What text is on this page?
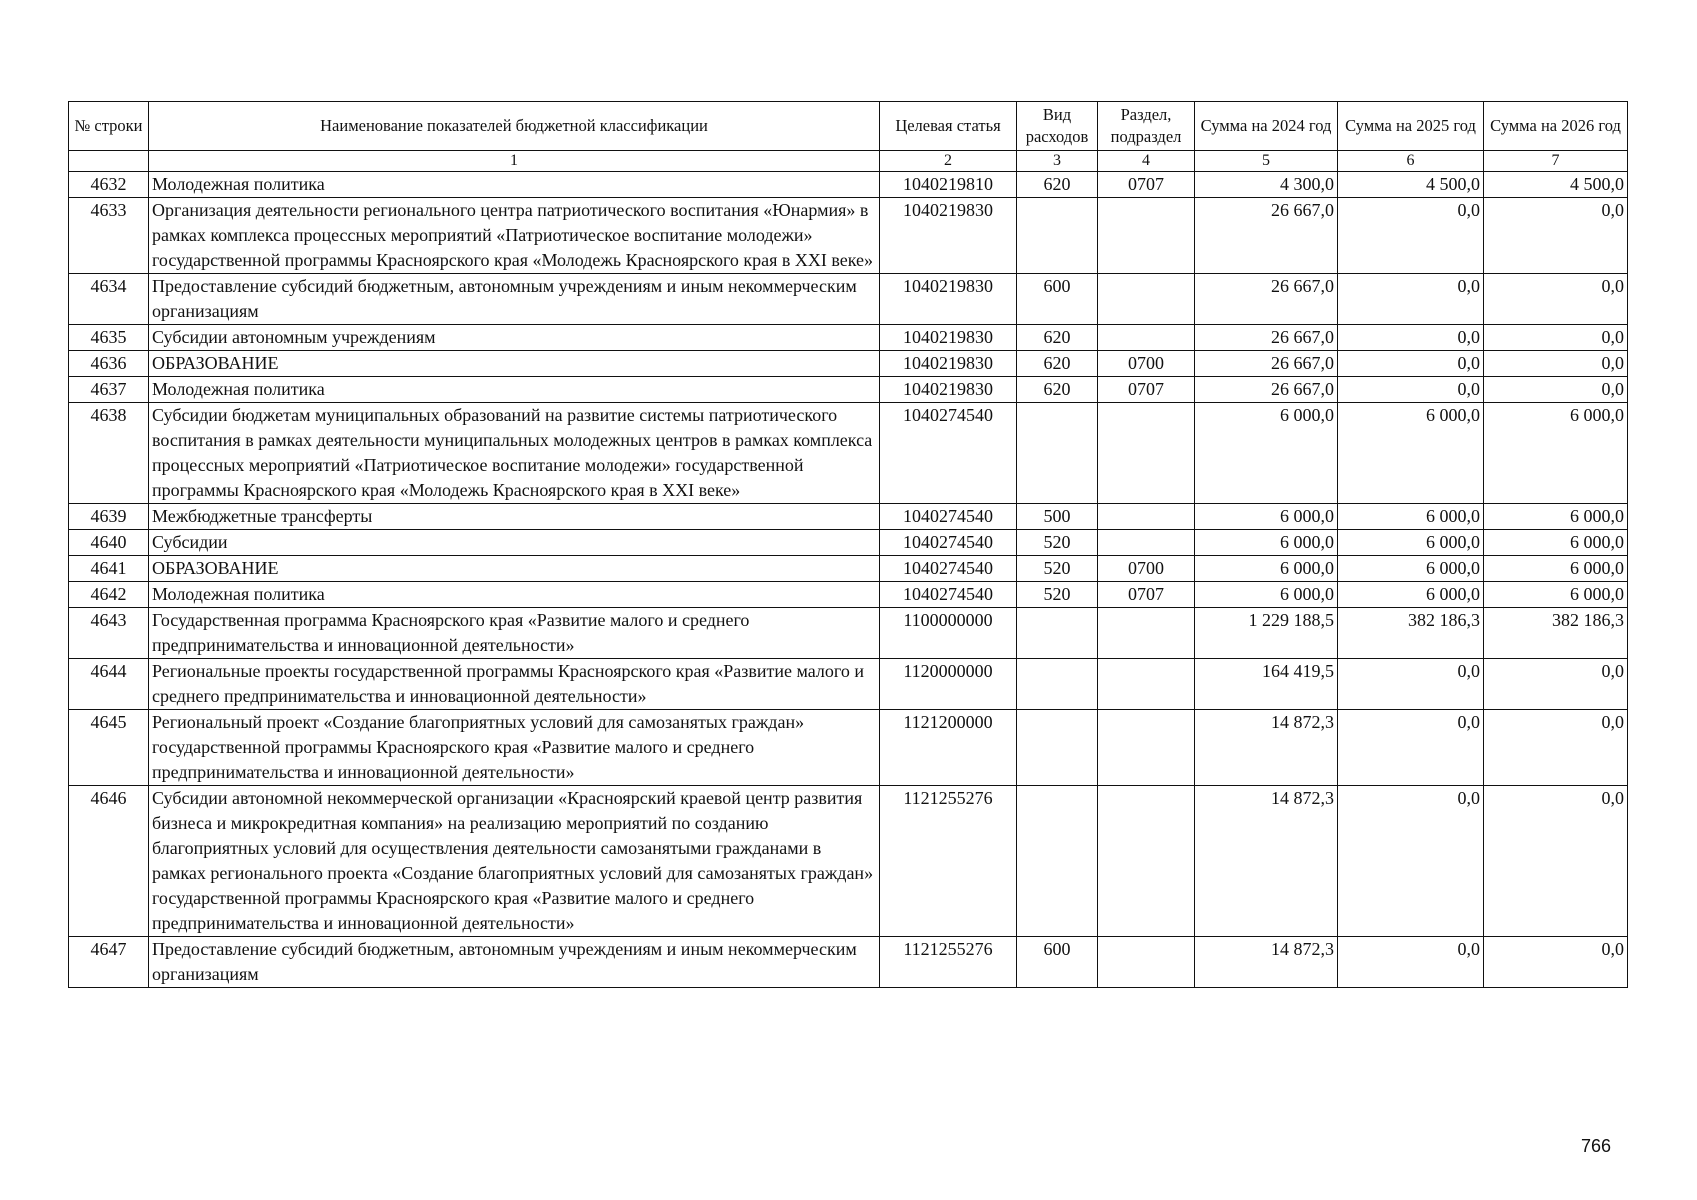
№ строки	Наименование показателей бюджетной классификации	Целевая статья	Вид расходов	Раздел, подраздел	Сумма на 2024 год	Сумма на 2025 год	Сумма на 2026 год
	1	2	3	4	5	6	7
4632	Молодежная политика	1040219810	620	0707	4 300,0	4 500,0	4 500,0
4633	Организация деятельности регионального центра патриотического воспитания «Юнармия» в рамках комплекса процессных мероприятий «Патриотическое воспитание молодежи» государственной программы Красноярского края «Молодежь Красноярского края в XXI веке»	1040219830			26 667,0	0,0	0,0
4634	Предоставление субсидий бюджетным, автономным учреждениям и иным некоммерческим организациям	1040219830	600		26 667,0	0,0	0,0
4635	Субсидии автономным учреждениям	1040219830	620		26 667,0	0,0	0,0
4636	ОБРАЗОВАНИЕ	1040219830	620	0700	26 667,0	0,0	0,0
4637	Молодежная политика	1040219830	620	0707	26 667,0	0,0	0,0
4638	Субсидии бюджетам муниципальных образований на развитие системы патриотического воспитания в рамках деятельности муниципальных молодежных центров в рамках комплекса процессных мероприятий «Патриотическое воспитание молодежи» государственной программы Красноярского края «Молодежь Красноярского края в XXI веке»	1040274540			6 000,0	6 000,0	6 000,0
4639	Межбюджетные трансферты	1040274540	500		6 000,0	6 000,0	6 000,0
4640	Субсидии	1040274540	520		6 000,0	6 000,0	6 000,0
4641	ОБРАЗОВАНИЕ	1040274540	520	0700	6 000,0	6 000,0	6 000,0
4642	Молодежная политика	1040274540	520	0707	6 000,0	6 000,0	6 000,0
4643	Государственная программа Красноярского края «Развитие малого и среднего предпринимательства и инновационной деятельности»	1100000000			1 229 188,5	382 186,3	382 186,3
4644	Региональные проекты государственной программы Красноярского края «Развитие малого и среднего предпринимательства и инновационной деятельности»	1120000000			164 419,5	0,0	0,0
4645	Региональный проект «Создание благоприятных условий для самозанятых граждан» государственной программы Красноярского края «Развитие малого и среднего предпринимательства и инновационной деятельности»	1121200000			14 872,3	0,0	0,0
4646	Субсидии автономной некоммерческой организации «Красноярский краевой центр развития бизнеса и микрокредитная компания» на реализацию мероприятий по созданию благоприятных условий для осуществления деятельности самозанятыми гражданами в рамках регионального проекта «Создание благоприятных условий для самозанятых граждан» государственной программы Красноярского края «Развитие малого и среднего предпринимательства и инновационной деятельности»	1121255276			14 872,3	0,0	0,0
4647	Предоставление субсидий бюджетным, автономным учреждениям и иным некоммерческим организациям	1121255276	600		14 872,3	0,0	0,0
766
